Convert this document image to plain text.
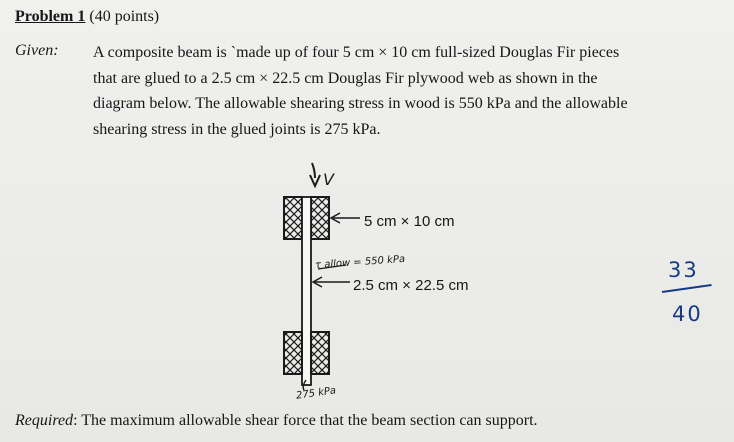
Problem 1 (40 points)
Given: A composite beam is `made up of four 5 cm × 10 cm full-sized Douglas Fir pieces
that are glued to a 2.5 cm × 22.5 cm Douglas Fir plywood web as shown in the
diagram below. The allowable shearing stress in wood is 550 kPa and the allowable
shearing stress in the glued joints is 275 kPa.
V
5 cm × 10 cm
2.5 cm × 22.5 cm
τ allow = 550 kPa
275 kPa
33
40
Required: The maximum allowable shear force that the beam section can support.
